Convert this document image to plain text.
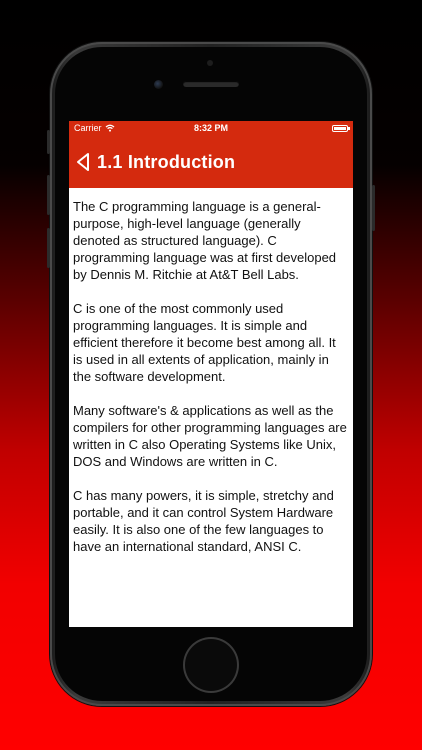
Carrier	8:32 PM
1.1 Introduction

The C programming language is a general-purpose, high-level language (generally denoted as structured language). C programming language was at first developed by Dennis M. Ritchie at At&T Bell Labs.

C is one of the most commonly used programming languages. It is simple and efficient therefore it become best among all. It is used in all extents of application, mainly in the software development.

Many software's & applications as well as the compilers for other programming languages are written in C also Operating Systems like Unix, DOS and Windows are written in C.

C has many powers, it is simple, stretchy and portable, and it can control System Hardware easily. It is also one of the few languages to have an international standard, ANSI C.
